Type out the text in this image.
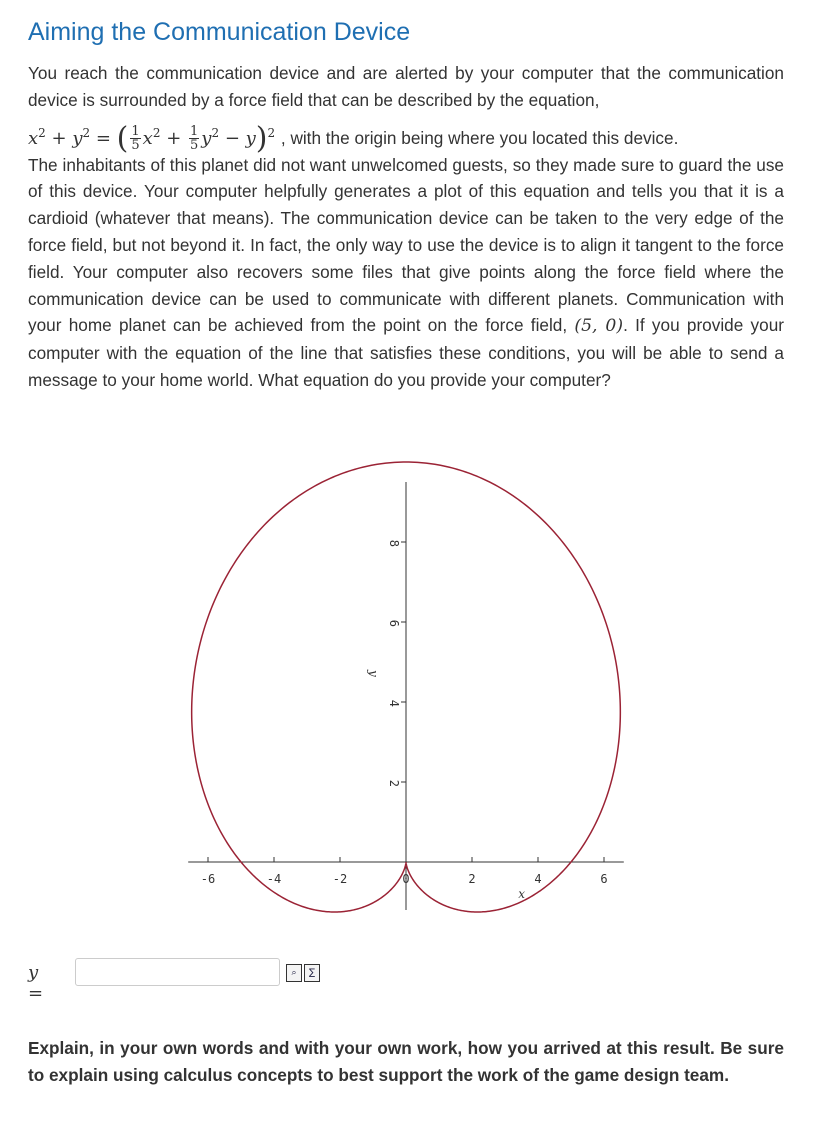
Aiming the Communication Device
You reach the communication device and are alerted by your computer that the communication device is surrounded by a force field that can be described by the equation,
$x^2 + y^2$ = ( $\frac{1}{5} x^2 + \frac{1}{5} y^2 - y)^2$ , with the origin being where you located this device.
The inhabitants of this planet did not want unwelcomed guests, so they made sure to guard the use of this device. Your computer helpfully generates a plot of this equation and tells you that it is a cardioid (whatever that means). The communication device can be taken to the very edge of the force field, but not beyond it. In fact, the only way to use the device is to align it tangent to the force field. Your computer also recovers some files that give points along the force field where the communication device can be used to communicate with different planets. Communication with your home planet can be achieved from the point on the force field, (5, 0). If you provide your computer with the equation of the line that satisfies these conditions, you will be able to send a message to your home world. What equation do you provide your computer?
-6	-4	-2	0	2	4	6
2
4
6
8
x
y
y =
⌕	∑

Explain, in your own words and with your own work, how you arrived at this result. Be sure to explain using calculus concepts to best support the work of the game design team.
